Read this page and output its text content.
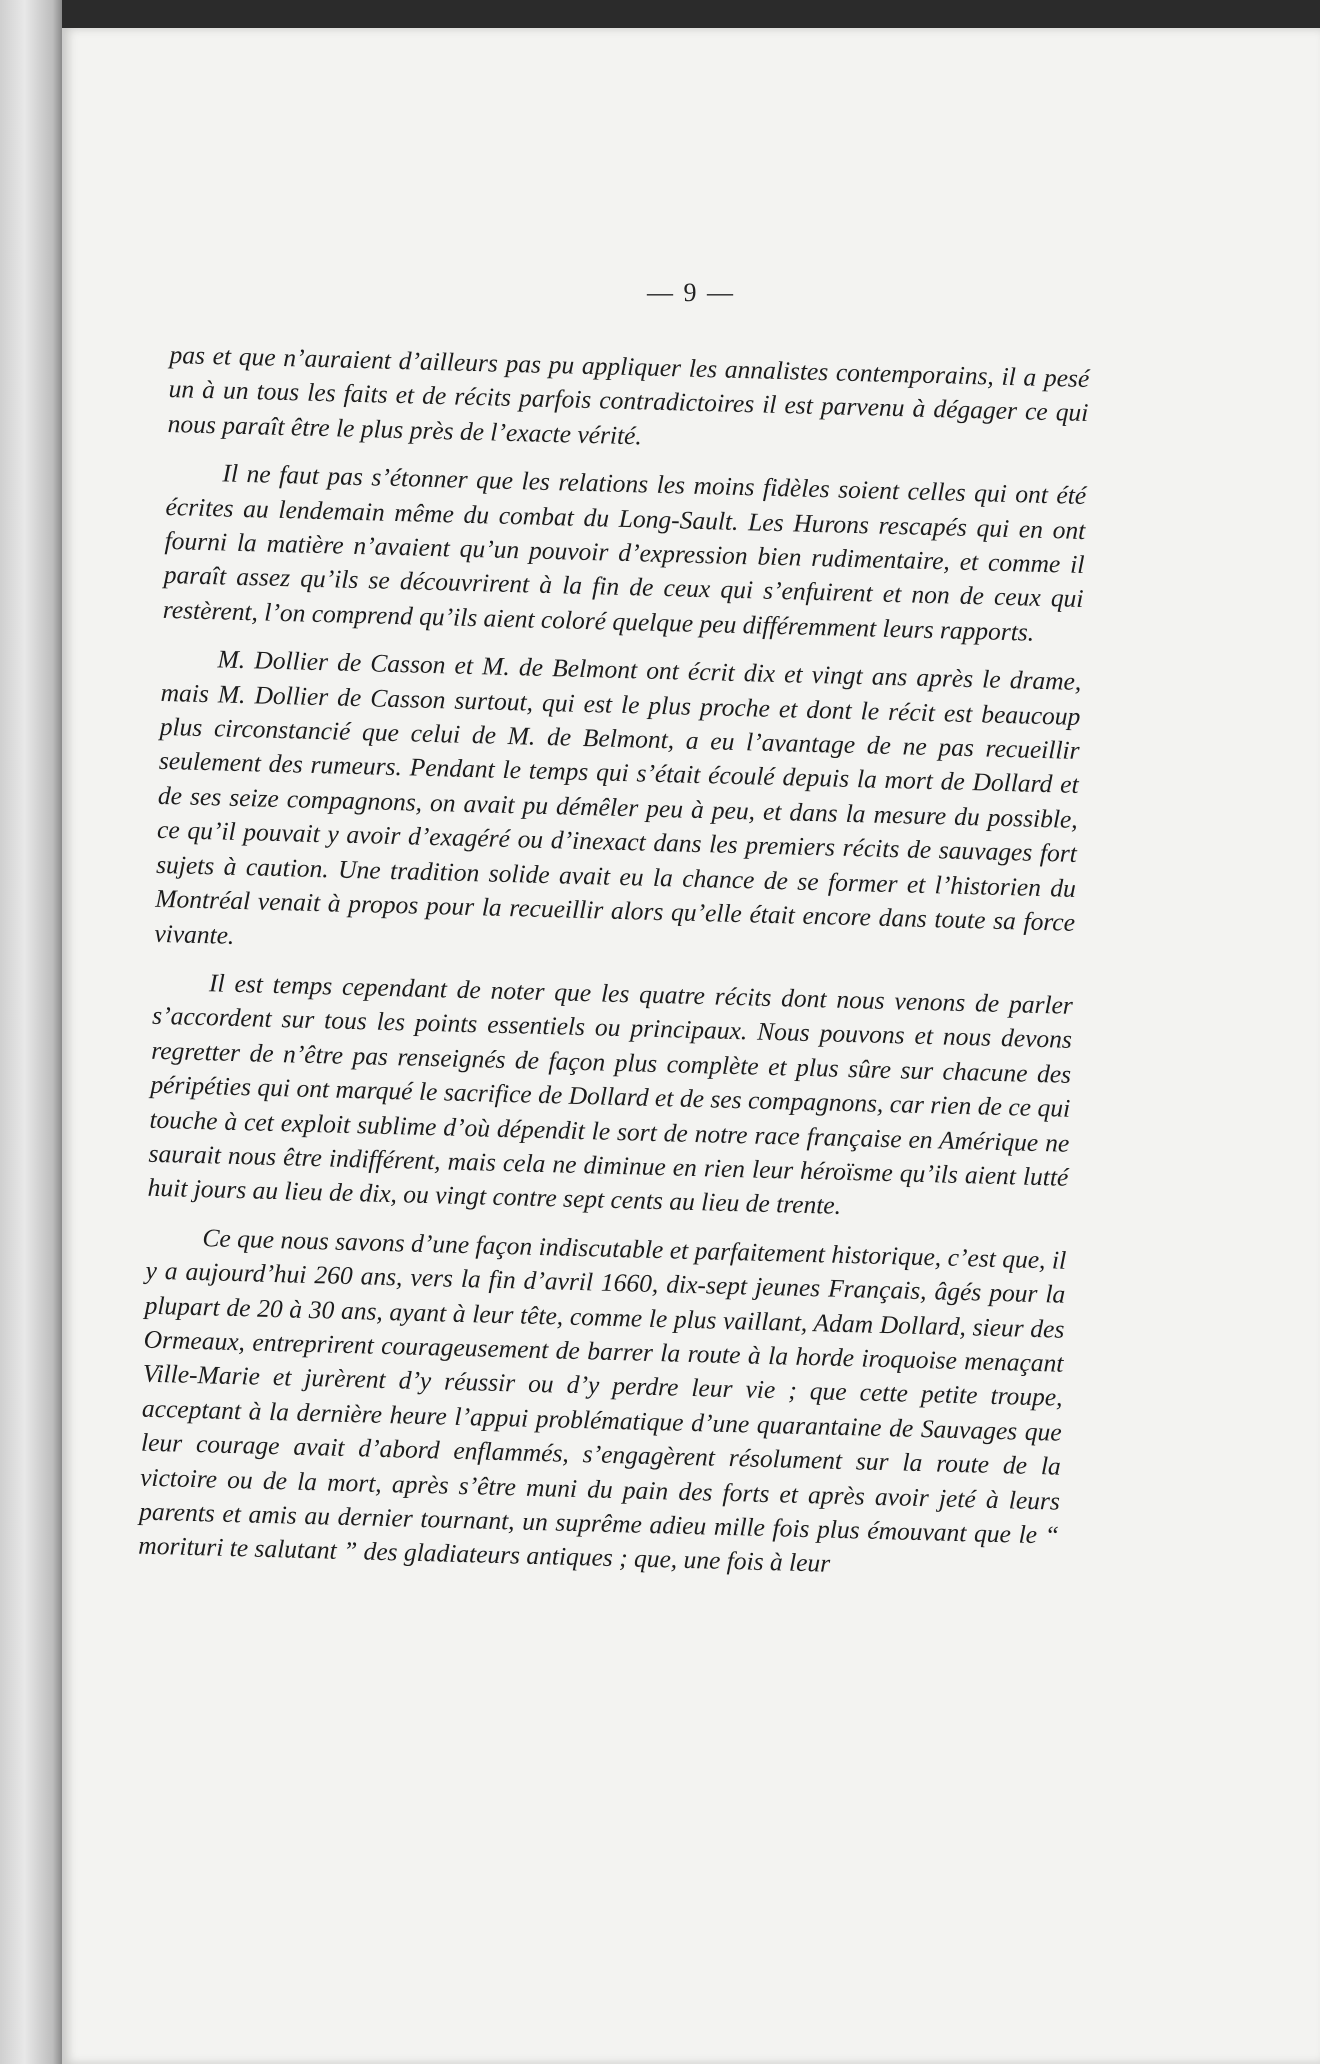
— 9 —

pas et que n’auraient d’ailleurs pas pu appliquer les annalistes contemporains, il a pesé un à un tous les faits et de récits parfois contradictoires il est parvenu à dégager ce qui nous paraît être le plus près de l’exacte vérité.

Il ne faut pas s’étonner que les relations les moins fidèles soient celles qui ont été écrites au lendemain même du combat du Long-Sault. Les Hurons rescapés qui en ont fourni la matière n’avaient qu’un pouvoir d’expression bien rudimentaire, et comme il paraît assez qu’ils se découvrirent à la fin de ceux qui s’enfuirent et non de ceux qui restèrent, l’on comprend qu’ils aient coloré quelque peu différemment leurs rapports.

M. Dollier de Casson et M. de Belmont ont écrit dix et vingt ans après le drame, mais M. Dollier de Casson surtout, qui est le plus proche et dont le récit est beaucoup plus circonstancié que celui de M. de Belmont, a eu l’avantage de ne pas recueillir seulement des rumeurs. Pendant le temps qui s’était écoulé depuis la mort de Dollard et de ses seize compagnons, on avait pu démêler peu à peu, et dans la mesure du possible, ce qu’il pouvait y avoir d’exagéré ou d’inexact dans les premiers récits de sauvages fort sujets à caution. Une tradition solide avait eu la chance de se former et l’historien du Montréal venait à propos pour la recueillir alors qu’elle était encore dans toute sa force vivante.

Il est temps cependant de noter que les quatre récits dont nous venons de parler s’accordent sur tous les points essentiels ou principaux. Nous pouvons et nous devons regretter de n’être pas renseignés de façon plus complète et plus sûre sur chacune des péripéties qui ont marqué le sacrifice de Dollard et de ses compagnons, car rien de ce qui touche à cet exploit sublime d’où dépendit le sort de notre race française en Amérique ne saurait nous être indifférent, mais cela ne diminue en rien leur héroïsme qu’ils aient lutté huit jours au lieu de dix, ou vingt contre sept cents au lieu de trente.

Ce que nous savons d’une façon indiscutable et parfaitement historique, c’est que, il y a aujourd’hui 260 ans, vers la fin d’avril 1660, dix-sept jeunes Français, âgés pour la plupart de 20 à 30 ans, ayant à leur tête, comme le plus vaillant, Adam Dollard, sieur des Ormeaux, entreprirent courageusement de barrer la route à la horde iroquoise menaçant Ville-Marie et jurèrent d’y réussir ou d’y perdre leur vie ; que cette petite troupe, acceptant à la dernière heure l’appui problématique d’une quarantaine de Sauvages que leur courage avait d’abord enflammés, s’engagèrent résolument sur la route de la victoire ou de la mort, après s’être muni du pain des forts et après avoir jeté à leurs parents et amis au dernier tournant, un suprême adieu mille fois plus émouvant que le “ morituri te salutant ” des gladiateurs antiques ; que, une fois à leur
